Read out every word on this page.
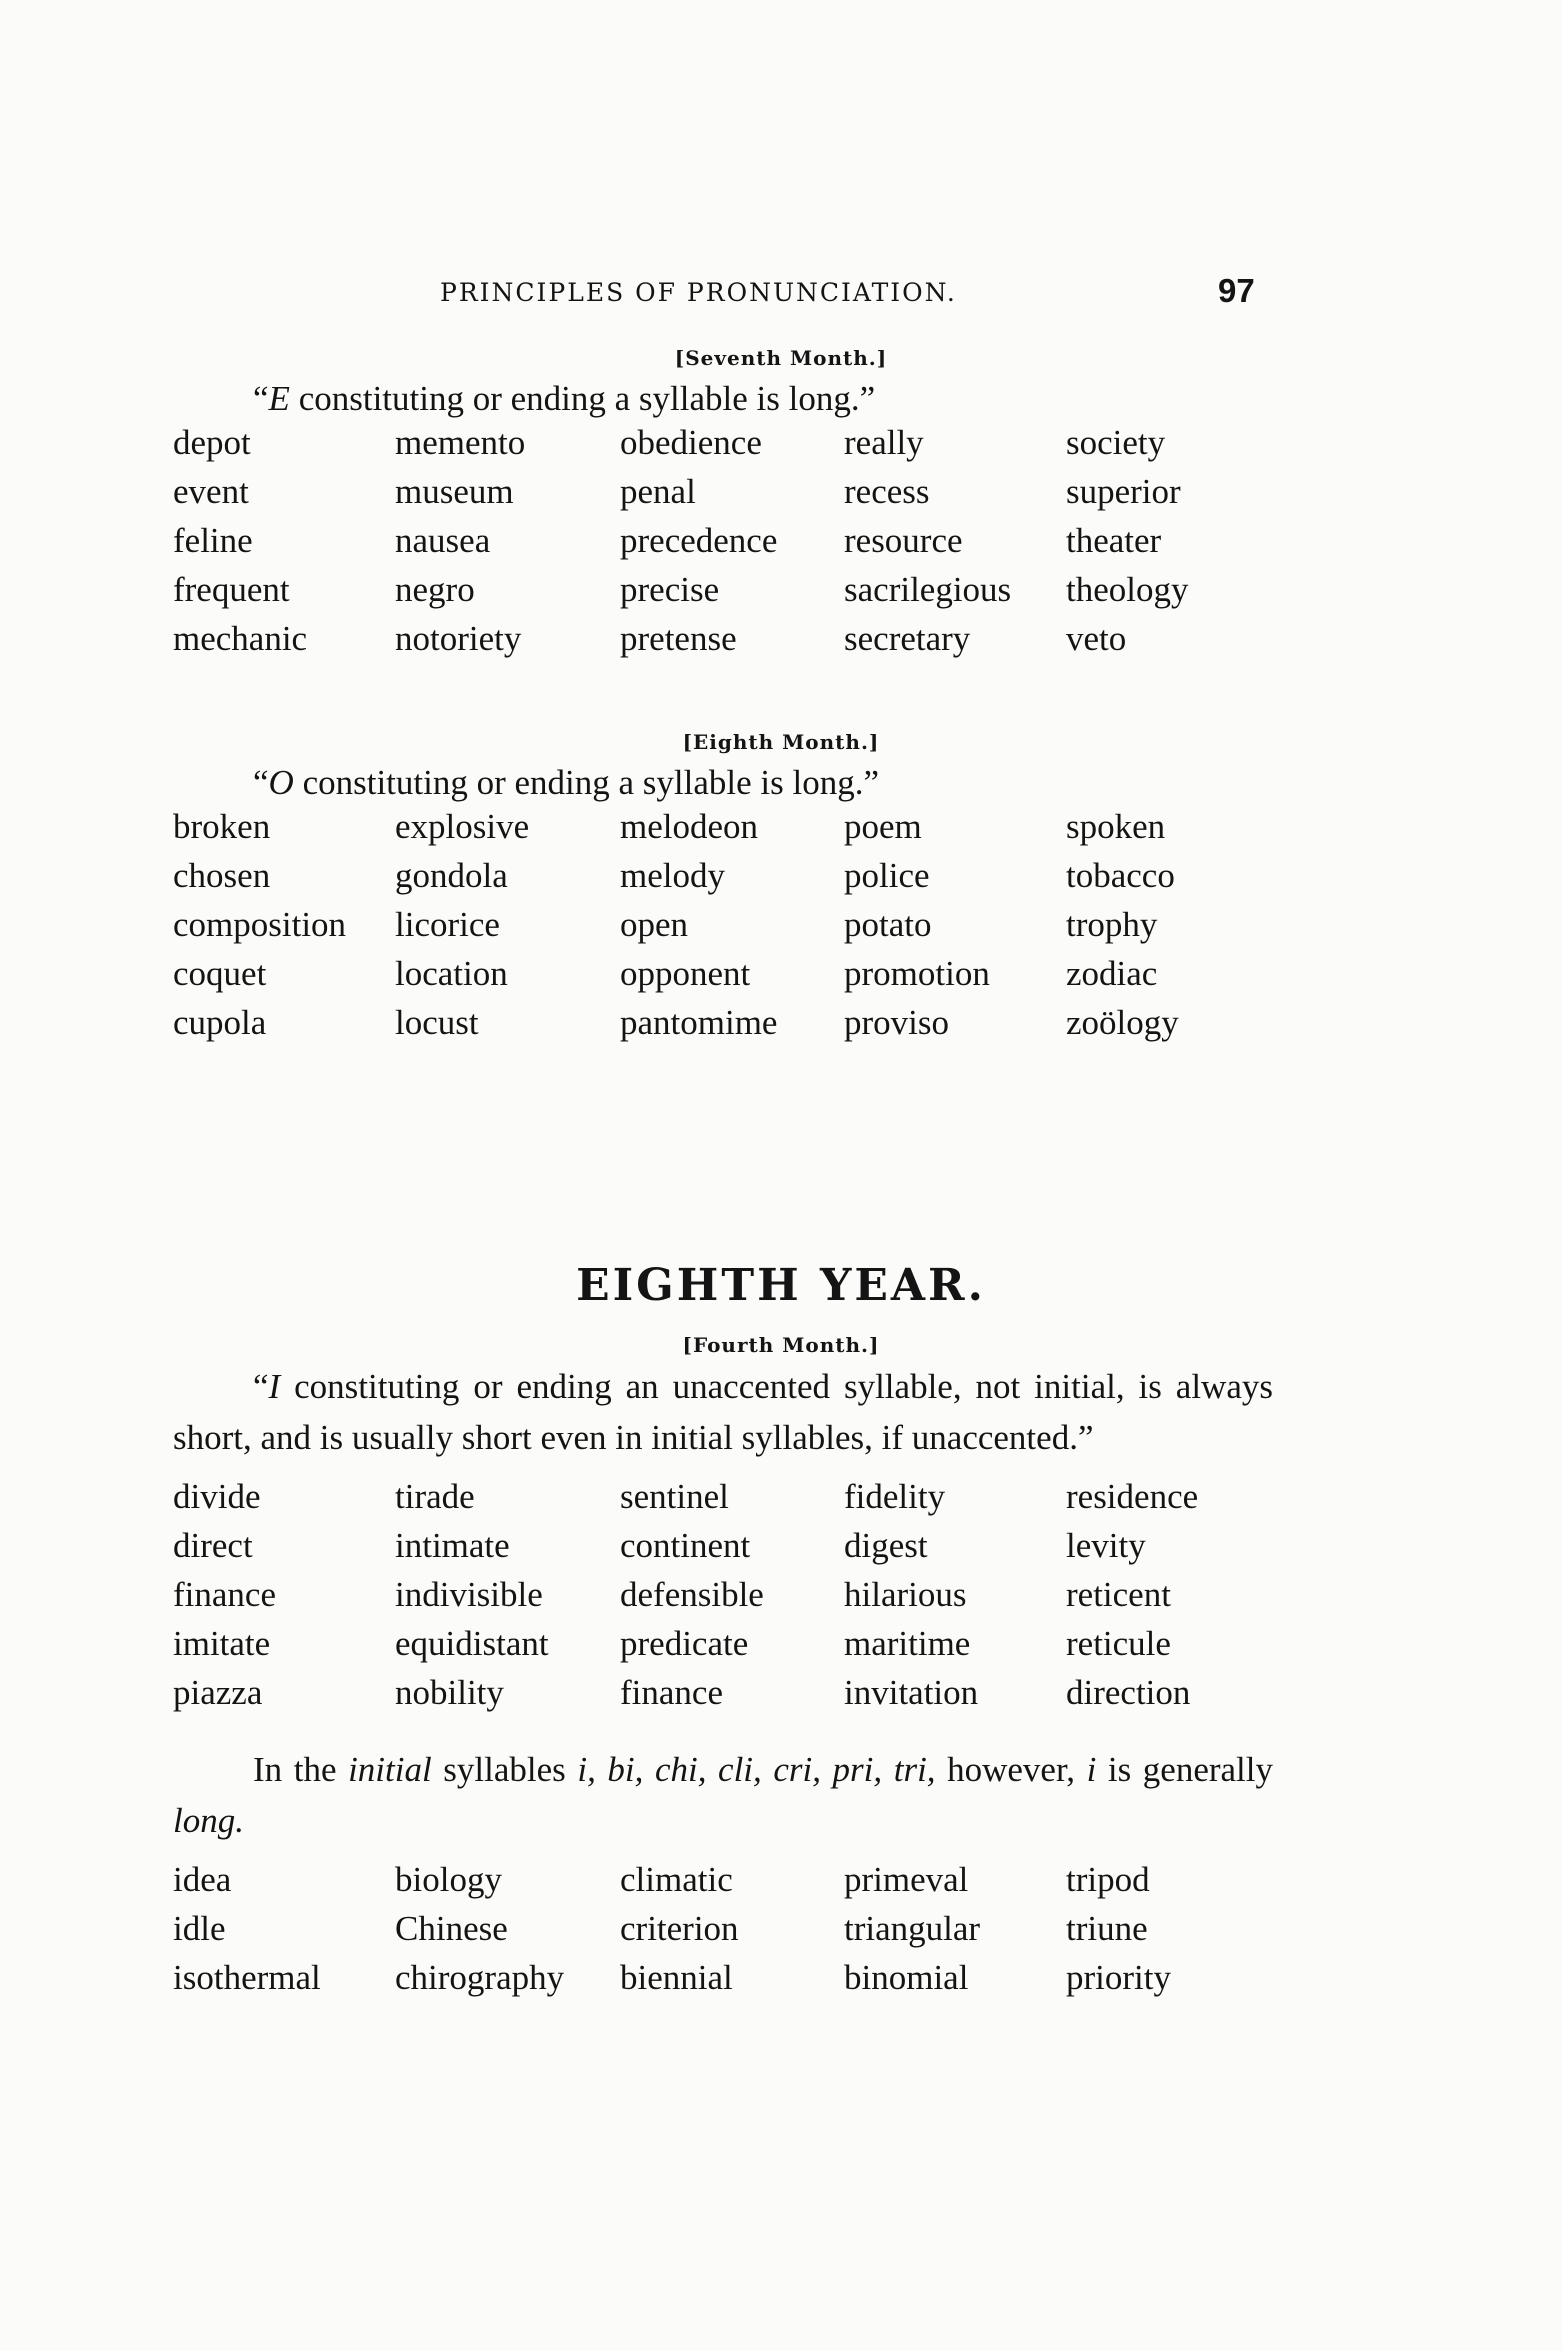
PRINCIPLES OF PRONUNCIATION.	97
[Seventh Month.]
“E constituting or ending a syllable is long.”
depot	memento	obedience	really	society
event	museum	penal	recess	superior
feline	nausea	precedence	resource	theater
frequent	negro	precise	sacrilegious	theology
mechanic	notoriety	pretense	secretary	veto
[Eighth Month.]
“O constituting or ending a syllable is long.”
broken	explosive	melodeon	poem	spoken
chosen	gondola	melody	police	tobacco
composition	licorice	open	potato	trophy
coquet	location	opponent	promotion	zodiac
cupola	locust	pantomime	proviso	zoölogy
EIGHTH YEAR.
[Fourth Month.]
“I constituting or ending an unaccented syllable, not initial, is always short, and is usually short even in initial syllables, if unaccented.”
divide	tirade	sentinel	fidelity	residence
direct	intimate	continent	digest	levity
finance	indivisible	defensible	hilarious	reticent
imitate	equidistant	predicate	maritime	reticule
piazza	nobility	finance	invitation	direction
In the initial syllables i, bi, chi, cli, cri, pri, tri, however, i is generally long.
idea	biology	climatic	primeval	tripod
idle	Chinese	criterion	triangular	triune
isothermal	chirography	biennial	binomial	priority
